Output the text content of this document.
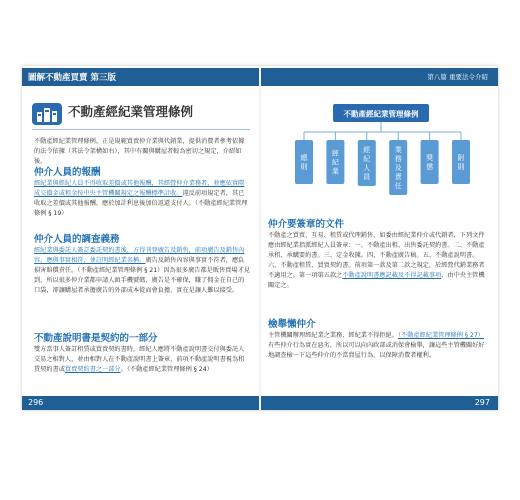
圖解不動產買賣 第三版
不動產經紀業管理條例

不動產經紀業管理條例，正是規範買賣仲介業與代銷業，提供消費者參考依據的法令依據（其法令架構如右），其中有關與購屋者較為密切之規定，介紹如後。

仲介人員的報酬

經紀業與經紀人員不得收取差價或其他報酬，其經營仲介業務者，並應依實際成交價金或租金按中央主管機關規定之報酬標準計收。違反前項規定者，其已收取之差價或其他報酬，應於加計利息後加倍返還支付人。（不動產經紀業管理條例 § 19）

仲介人員的調查義務

經紀業與委託人簽訂委託契約書後，方得刊登廣告及銷售，前項廣告及銷售內容，應與事實相符，並註明經紀業名稱。廣告及銷售內容與事實不符者，應負損害賠償責任。（不動產經紀業管理條例 § 21）因為很多廣告都是販售賣場才見到，所以很多仲介業都申請人頭手機號碼，廣告是不確保，賺了佣金在自己的口袋，卻讓購屋者承擔廣告的外部成本從而會負擔，實在是讓人難以接受。

不動產說明書是契約的一部分

雙方當事人簽訂租賃或買賣契約書時，經紀人應將不動產說明書交付與委託人交易之相對人，並由相對人在不動產說明書上簽章，前項不動產說明書視為租賃契約書或買賣契約書之一部分。（不動產經紀業管理條例 § 24）

296
第八篇 重要法令介紹
不動產經紀業管理條例
總則
經紀業
經紀人員
業務及責任
獎懲
附則
仲介要簽章的文件

不動產之買賣、互易、租賃或代理銷售，如委由經紀業仲介或代銷者，下列文件應由經紀業指派經紀人員簽章：一、不動產出租、出售委託契約書。二、不動產承租、承購要約書。三、定金收據。四、不動產廣告稿。五、不動產說明書。六、不動產租賃、買賣契約書。前項第一款及第二款之規定，於經營代銷業務者不適用之。第一項第五款之不動產說明書應記載及不得記載事項，由中央主管機關定之。

檢舉懶仲介

主管機關辦理經紀業之業務，經紀業不得拒絕。（不動產經紀業管理條例 § 27）有些仲介行為實在惡劣，所以可以向內政部或消保會檢舉，讓這些主管機關好好地調查檢一下這些仲介的不當賣屋行為，以保障消費者權利。

297
